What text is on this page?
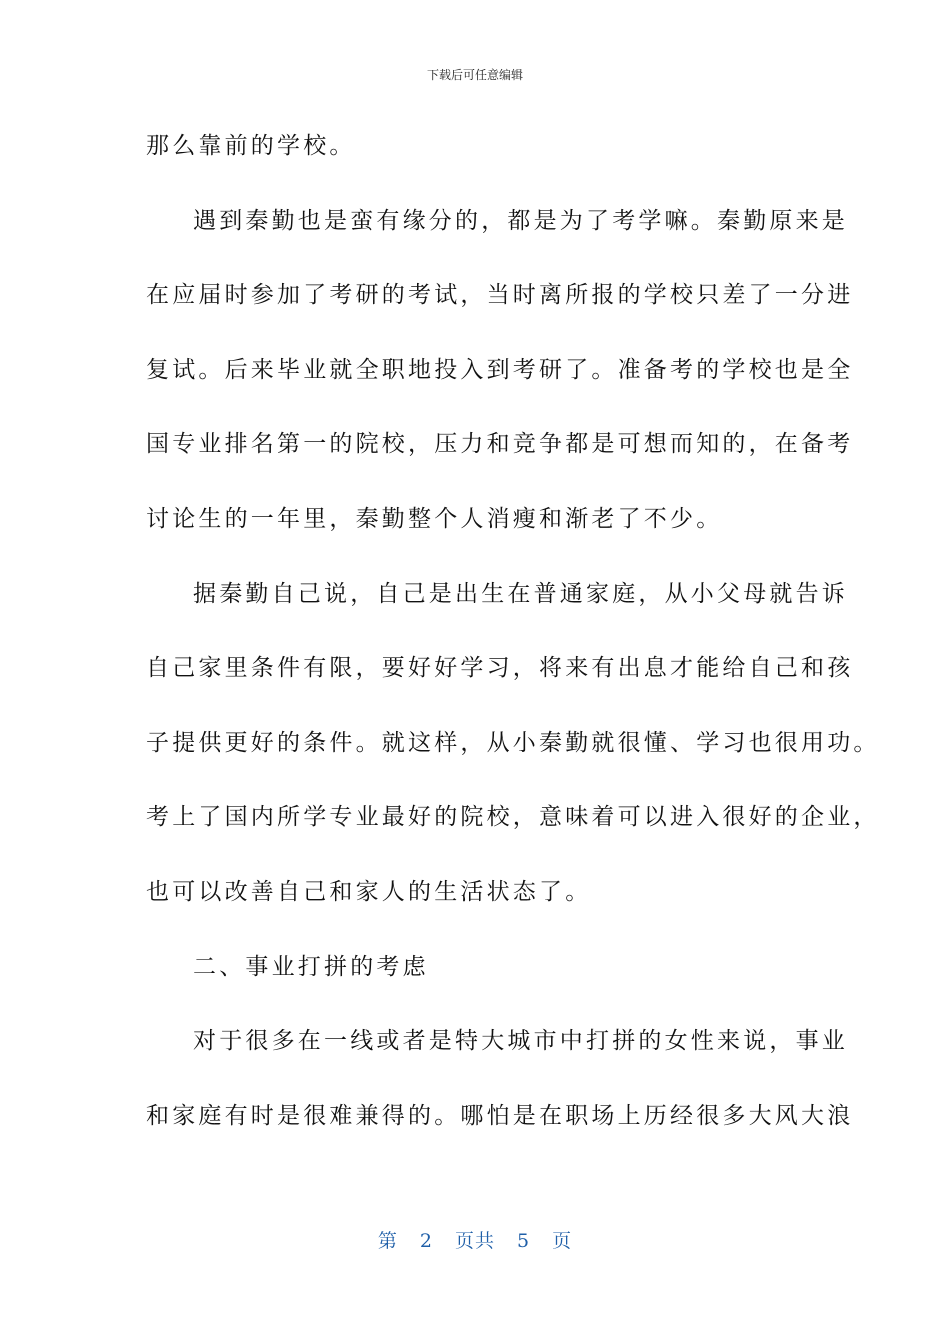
下载后可任意编辑

那么靠前的学校。

遇到秦勤也是蛮有缘分的，都是为了考学嘛。秦勤原来是

在应届时参加了考研的考试，当时离所报的学校只差了一分进

复试。后来毕业就全职地投入到考研了。准备考的学校也是全

国专业排名第一的院校，压力和竞争都是可想而知的，在备考

讨论生的一年里，秦勤整个人消瘦和渐老了不少。

据秦勤自己说，自己是出生在普通家庭，从小父母就告诉

自己家里条件有限，要好好学习，将来有出息才能给自己和孩

子提供更好的条件。就这样，从小秦勤就很懂、学习也很用功。

考上了国内所学专业最好的院校，意味着可以进入很好的企业，

也可以改善自己和家人的生活状态了。

二、事业打拼的考虑

对于很多在一线或者是特大城市中打拼的女性来说，事业

和家庭有时是很难兼得的。哪怕是在职场上历经很多大风大浪

第 2 页共 5 页
